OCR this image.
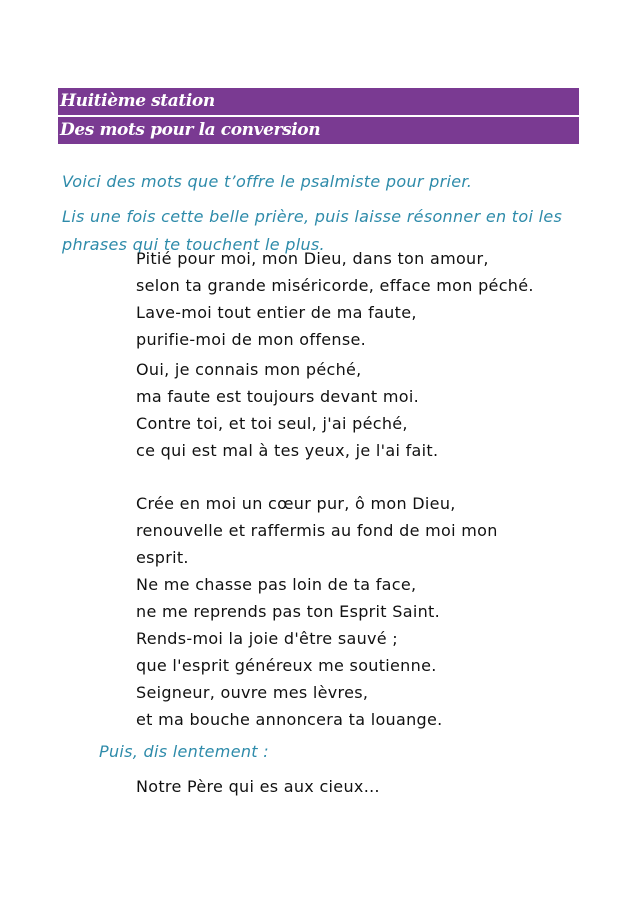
Huitième station
Des mots pour la conversion

Voici des mots que t’offre le psalmiste pour prier.

Lis une fois cette belle prière, puis laisse résonner en toi les phrases qui te touchent le plus.

Pitié pour moi, mon Dieu, dans ton amour,
selon ta grande miséricorde, efface mon péché.
Lave-moi tout entier de ma faute,
purifie-moi de mon offense.
Oui, je connais mon péché,
ma faute est toujours devant moi.
Contre toi, et toi seul, j'ai péché,
ce qui est mal à tes yeux, je l'ai fait.
Crée en moi un cœur pur, ô mon Dieu,
renouvelle et raffermis au fond de moi mon esprit.
Ne me chasse pas loin de ta face,
ne me reprends pas ton Esprit Saint.
Rends-moi la joie d'être sauvé ;
que l'esprit généreux me soutienne.
Seigneur, ouvre mes lèvres,
et ma bouche annoncera ta louange.
Puis, dis lentement :
Notre Père qui es aux cieux…
